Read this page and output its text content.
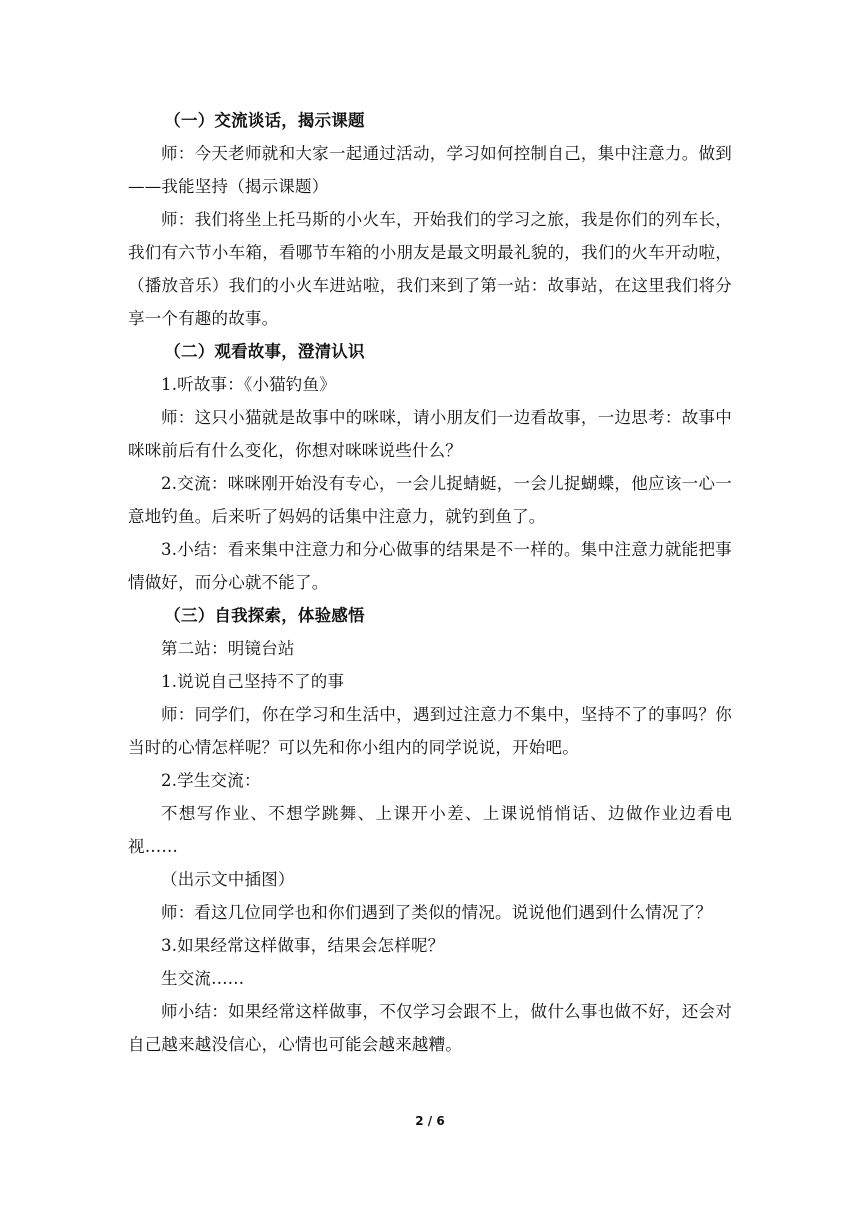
（一）交流谈话，揭示课题

师：今天老师就和大家一起通过活动，学习如何控制自己，集中注意力。做到——我能坚持（揭示课题）

师：我们将坐上托马斯的小火车，开始我们的学习之旅，我是你们的列车长，我们有六节小车箱，看哪节车箱的小朋友是最文明最礼貌的，我们的火车开动啦，（播放音乐）我们的小火车进站啦，我们来到了第一站：故事站，在这里我们将分享一个有趣的故事。

（二）观看故事，澄清认识

1.听故事：《小猫钓鱼》

师：这只小猫就是故事中的咪咪，请小朋友们一边看故事，一边思考：故事中咪咪前后有什么变化，你想对咪咪说些什么？

2.交流：咪咪刚开始没有专心，一会儿捉蜻蜓，一会儿捉蝴蝶，他应该一心一意地钓鱼。后来听了妈妈的话集中注意力，就钓到鱼了。

3.小结：看来集中注意力和分心做事的结果是不一样的。集中注意力就能把事情做好，而分心就不能了。

（三）自我探索，体验感悟

第二站：明镜台站

1.说说自己坚持不了的事

师：同学们，你在学习和生活中，遇到过注意力不集中，坚持不了的事吗？你当时的心情怎样呢？可以先和你小组内的同学说说，开始吧。

2.学生交流：

不想写作业、不想学跳舞、上课开小差、上课说悄悄话、边做作业边看电视……

（出示文中插图）

师：看这几位同学也和你们遇到了类似的情况。说说他们遇到什么情况了？

3.如果经常这样做事，结果会怎样呢？

生交流…...

师小结：如果经常这样做事，不仅学习会跟不上，做什么事也做不好，还会对自己越来越没信心，心情也可能会越来越糟。

2 / 6
